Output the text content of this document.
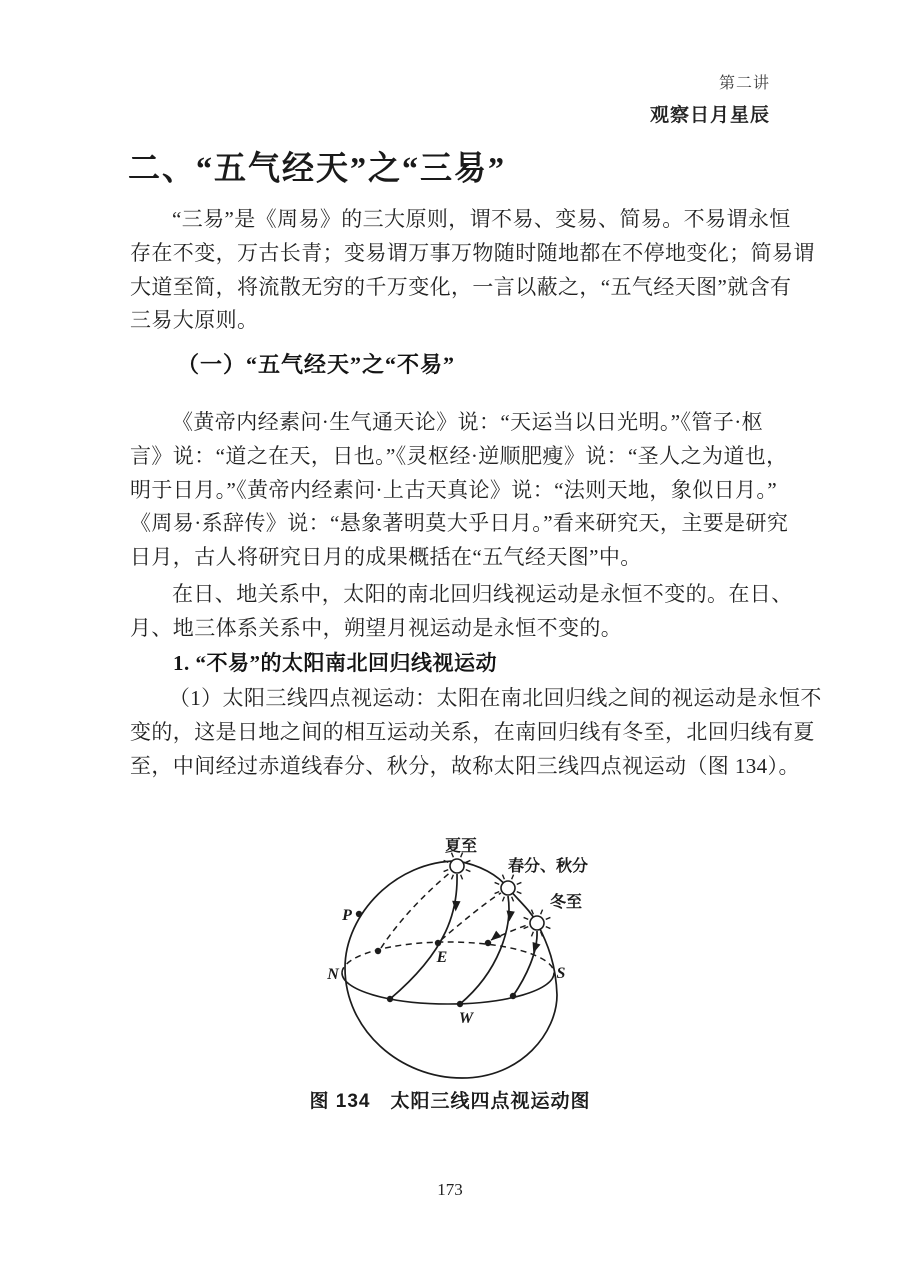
第二讲
观察日月星辰
二、“五气经天”之“三易”
“三易”是《周易》的三大原则，谓不易、变易、简易。不易谓永恒
存在不变，万古长青；变易谓万事万物随时随地都在不停地变化；简易谓
大道至简，将流散无穷的千万变化，一言以蔽之，“五气经天图”就含有
三易大原则。
（一）“五气经天”之“不易”
《黄帝内经素问·生气通天论》说：“天运当以日光明。”《管子·枢
言》说：“道之在天，日也。”《灵枢经·逆顺肥瘦》说：“圣人之为道也，
明于日月。”《黄帝内经素问·上古天真论》说：“法则天地，象似日月。”
《周易·系辞传》说：“悬象著明莫大乎日月。”看来研究天，主要是研究
日月，古人将研究日月的成果概括在“五气经天图”中。
在日、地关系中，太阳的南北回归线视运动是永恒不变的。在日、
月、地三体系关系中，朔望月视运动是永恒不变的。
1. “不易”的太阳南北回归线视运动
（1）太阳三线四点视运动：太阳在南北回归线之间的视运动是永恒不
变的，这是日地之间的相互运动关系，在南回归线有冬至，北回归线有夏
至，中间经过赤道线春分、秋分，故称太阳三线四点视运动（图 134）。
夏至
春分、秋分
冬至
P
N	S
E
W
图 134　太阳三线四点视运动图
173
